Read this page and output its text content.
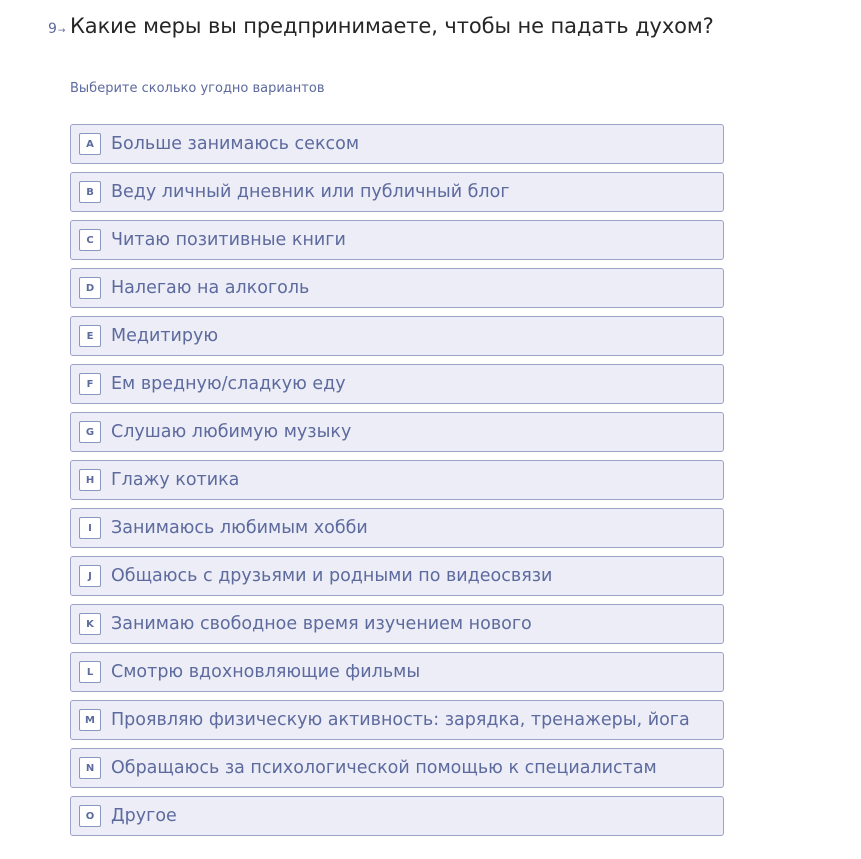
9→ Какие меры вы предпринимаете, чтобы не падать духом?
Выберите сколько угодно вариантов
A Больше занимаюсь сексом
B Веду личный дневник или публичный блог
C Читаю позитивные книги
D Налегаю на алкоголь
E	Медитирую
F	Ем вредную/сладкую еду
G Слушаю любимую музыку
H Глажу котика
I	Занимаюсь любимым хобби
J	Общаюсь с друзьями и родными по видеосвязи
K Занимаю свободное время изучением нового
L	Смотрю вдохновляющие фильмы
M Проявляю физическую активность: зарядка, тренажеры, йога
N Обращаюсь за психологической помощью к специалистам
O Другое
